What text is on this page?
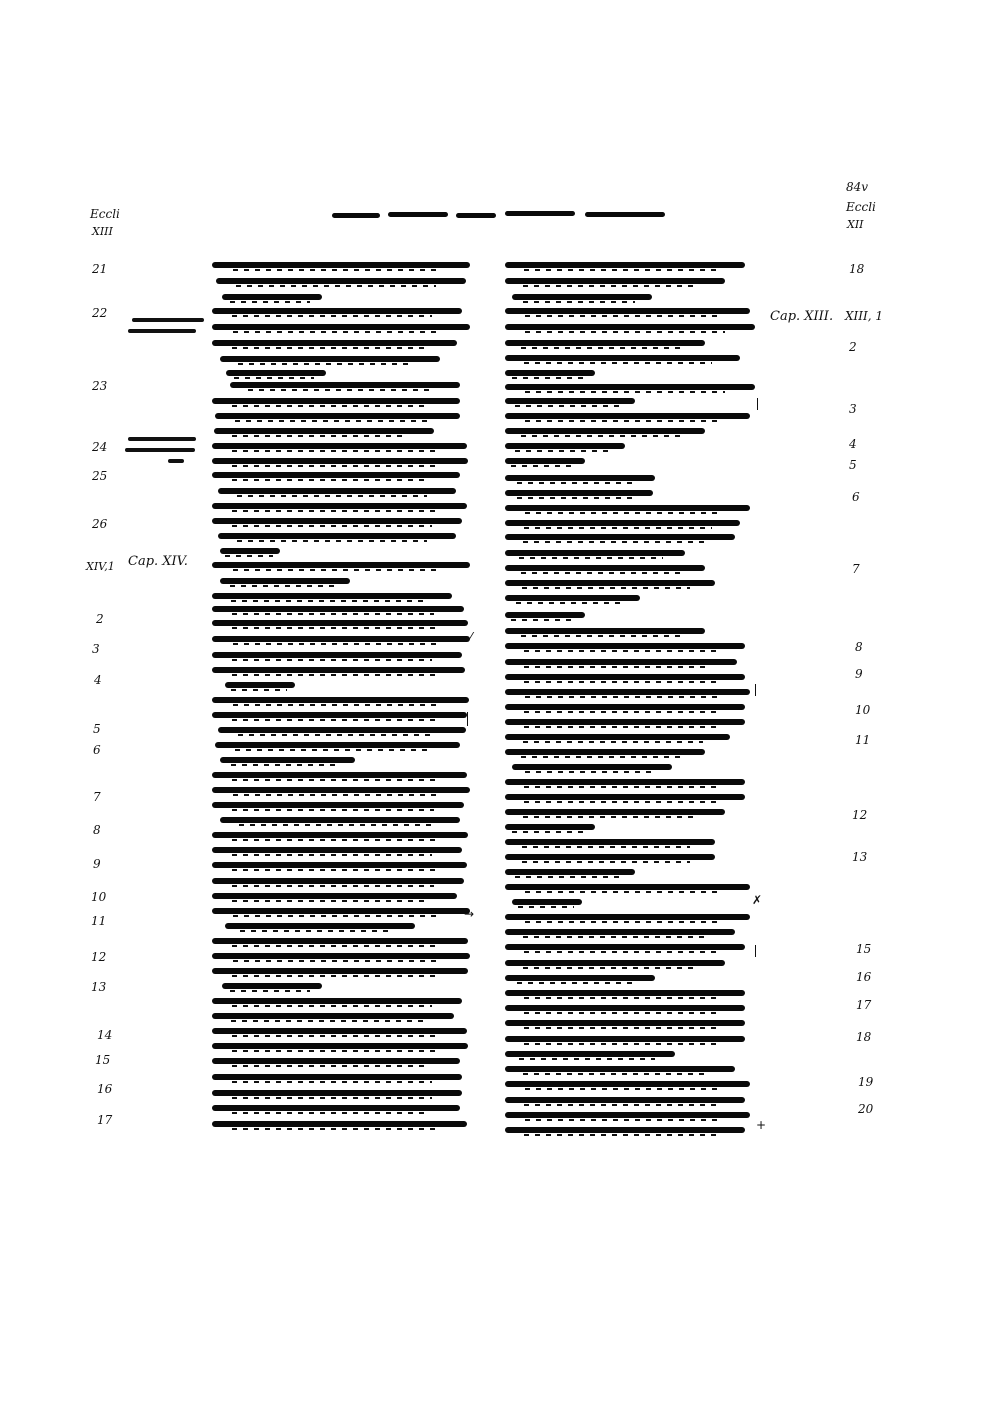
Eccli
XIII
84v
Eccli
XII
21
22
23
24
25
26
2
3
4
5
6
7
8
9
10
11
12
13
14
15
16
17
Cap. XIV.
XIV,1
⁄
→
✗
+
Cap. XIII. XIII, 1
18
2
3
4
5
6
7
8
9
10
11
12
13
15
16
17
18
19
20
